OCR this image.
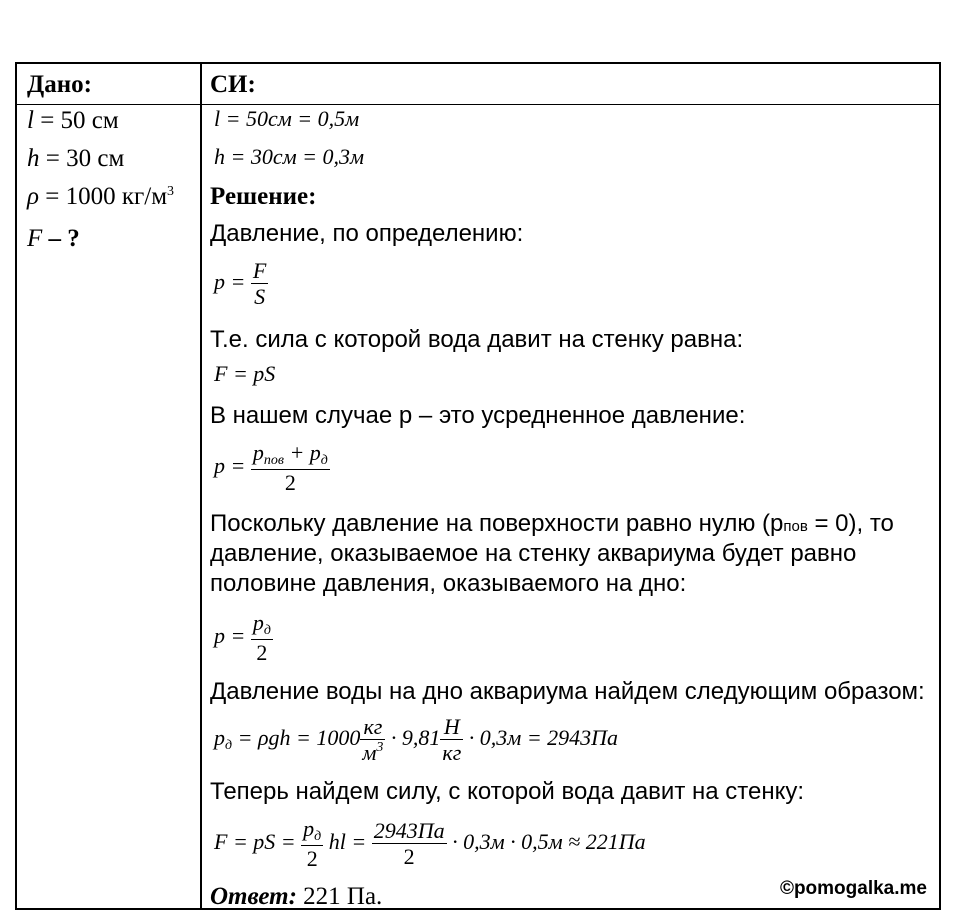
Дано:
l = 50 см
h = 30 см
ρ = 1000 $кг/м^3$
F – ?
СИ:
l = 50см = 0,5м
h = 30см = 0,3м
Решение:
Давление, по определению:
$p = \frac{F}{S}$
Т.е. сила с которой вода давит на стенку равна:
F = pS
В нашем случае р – это усредненное давление:
$p = \frac{p_{пов} + p_д}{2}$
Поскольку давление на поверхности равно нулю (рпов = 0), то
давление, оказываемое на стенку аквариума будет равно
половине давления, оказываемого на дно:
$p = \frac{p_д}{2}$
Давление воды на дно аквариума найдем следующим образом:
$p_д = \rho gh = 1000 \frac{кг}{м^3} \cdot 9,81 \frac{Н}{кг} \cdot 0,3м = 2943Па$
Теперь найдем силу, с которой вода давит на стенку:
F = pS = $\frac{p_д}{2}$ hl = $\frac{2943Па}{2} \cdot 0,3м \cdot 0,5м \approx 221Па$
Ответ: 221 Па.	©pomogalka.me
